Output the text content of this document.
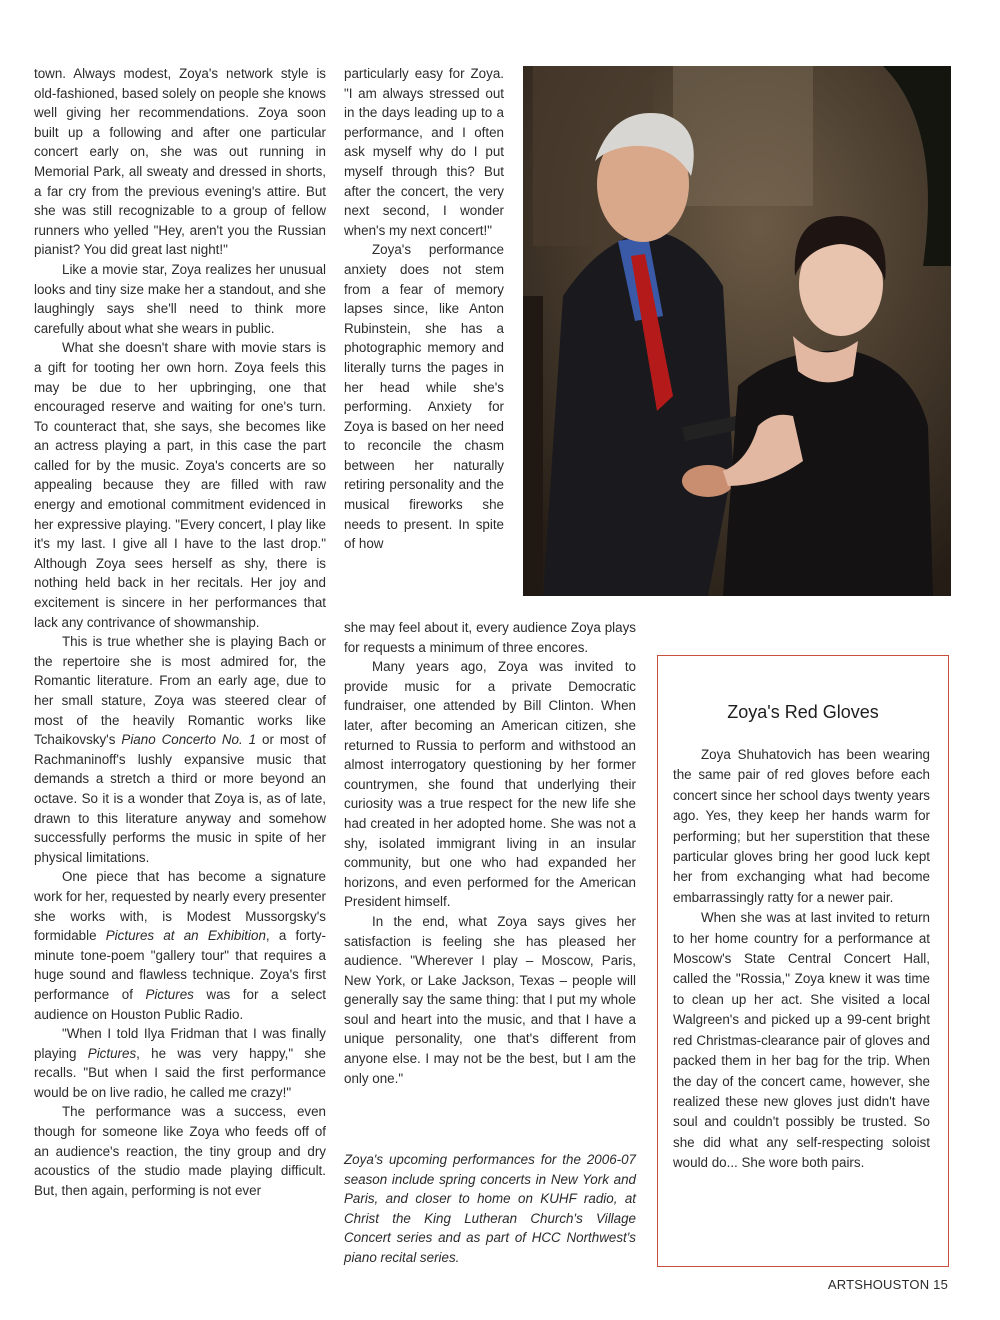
town. Always modest, Zoya's network style is old-fashioned, based solely on people she knows well giving her recommendations. Zoya soon built up a following and after one particular concert early on, she was out running in Memorial Park, all sweaty and dressed in shorts, a far cry from the previous evening's attire. But she was still recognizable to a group of fellow runners who yelled "Hey, aren't you the Russian pianist? You did great last night!"

Like a movie star, Zoya realizes her unusual looks and tiny size make her a standout, and she laughingly says she'll need to think more carefully about what she wears in public.

What she doesn't share with movie stars is a gift for tooting her own horn. Zoya feels this may be due to her upbringing, one that encouraged reserve and waiting for one's turn. To counteract that, she says, she becomes like an actress playing a part, in this case the part called for by the music. Zoya's concerts are so appealing because they are filled with raw energy and emotional commitment evidenced in her expressive playing. "Every concert, I play like it's my last. I give all I have to the last drop." Although Zoya sees herself as shy, there is nothing held back in her recitals. Her joy and excitement is sincere in her performances that lack any contrivance of showmanship.

This is true whether she is playing Bach or the repertoire she is most admired for, the Romantic literature. From an early age, due to her small stature, Zoya was steered clear of most of the heavily Romantic works like Tchaikovsky's Piano Concerto No. 1 or most of Rachmaninoff's lushly expansive music that demands a stretch a third or more beyond an octave. So it is a wonder that Zoya is, as of late, drawn to this literature anyway and somehow successfully performs the music in spite of her physical limitations.

One piece that has become a signature work for her, requested by nearly every presenter she works with, is Modest Mussorgsky's formidable Pictures at an Exhibition, a forty-minute tone-poem "gallery tour" that requires a huge sound and flawless technique. Zoya's first performance of Pictures was for a select audience on Houston Public Radio.

"When I told Ilya Fridman that I was finally playing Pictures, he was very happy," she recalls. "But when I said the first performance would be on live radio, he called me crazy!"

The performance was a success, even though for someone like Zoya who feeds off of an audience's reaction, the tiny group and dry acoustics of the studio made playing difficult. But, then again, performing is not ever

particularly easy for Zoya. "I am always stressed out in the days leading up to a performance, and I often ask myself why do I put myself through this? But after the concert, the very next second, I wonder when's my next concert!"

Zoya's performance anxiety does not stem from a fear of memory lapses since, like Anton Rubinstein, she has a photographic memory and literally turns the pages in her head while she's performing. Anxiety for Zoya is based on her need to reconcile the chasm between her naturally retiring personality and the musical fireworks she needs to present. In spite of how

she may feel about it, every audience Zoya plays for requests a minimum of three encores.

Many years ago, Zoya was invited to provide music for a private Democratic fundraiser, one attended by Bill Clinton. When later, after becoming an American citizen, she returned to Russia to perform and withstood an almost interrogatory questioning by her former countrymen, she found that underlying their curiosity was a true respect for the new life she had created in her adopted home. She was not a shy, isolated immigrant living in an insular community, but one who had expanded her horizons, and even performed for the American President himself.

In the end, what Zoya says gives her satisfaction is feeling she has pleased her audience. "Wherever I play – Moscow, Paris, New York, or Lake Jackson, Texas – people will generally say the same thing: that I put my whole soul and heart into the music, and that I have a unique personality, one that's different from anyone else. I may not be the best, but I am the only one."

Zoya's upcoming performances for the 2006-07 season include spring concerts in New York and Paris, and closer to home on KUHF radio, at Christ the King Lutheran Church's Village Concert series and as part of HCC Northwest's piano recital series.

Zoya's Red Gloves

Zoya Shuhatovich has been wearing the same pair of red gloves before each concert since her school days twenty years ago. Yes, they keep her hands warm for performing; but her superstition that these particular gloves bring her good luck kept her from exchanging what had become embarrassingly ratty for a newer pair.

When she was at last invited to return to her home country for a performance at Moscow's State Central Concert Hall, called the "Rossia," Zoya knew it was time to clean up her act. She visited a local Walgreen's and picked up a 99-cent bright red Christmas-clearance pair of gloves and packed them in her bag for the trip. When the day of the concert came, however, she realized these new gloves just didn't have soul and couldn't possibly be trusted. So she did what any self-respecting soloist would do... She wore both pairs.

ARTSHOUSTON 15
